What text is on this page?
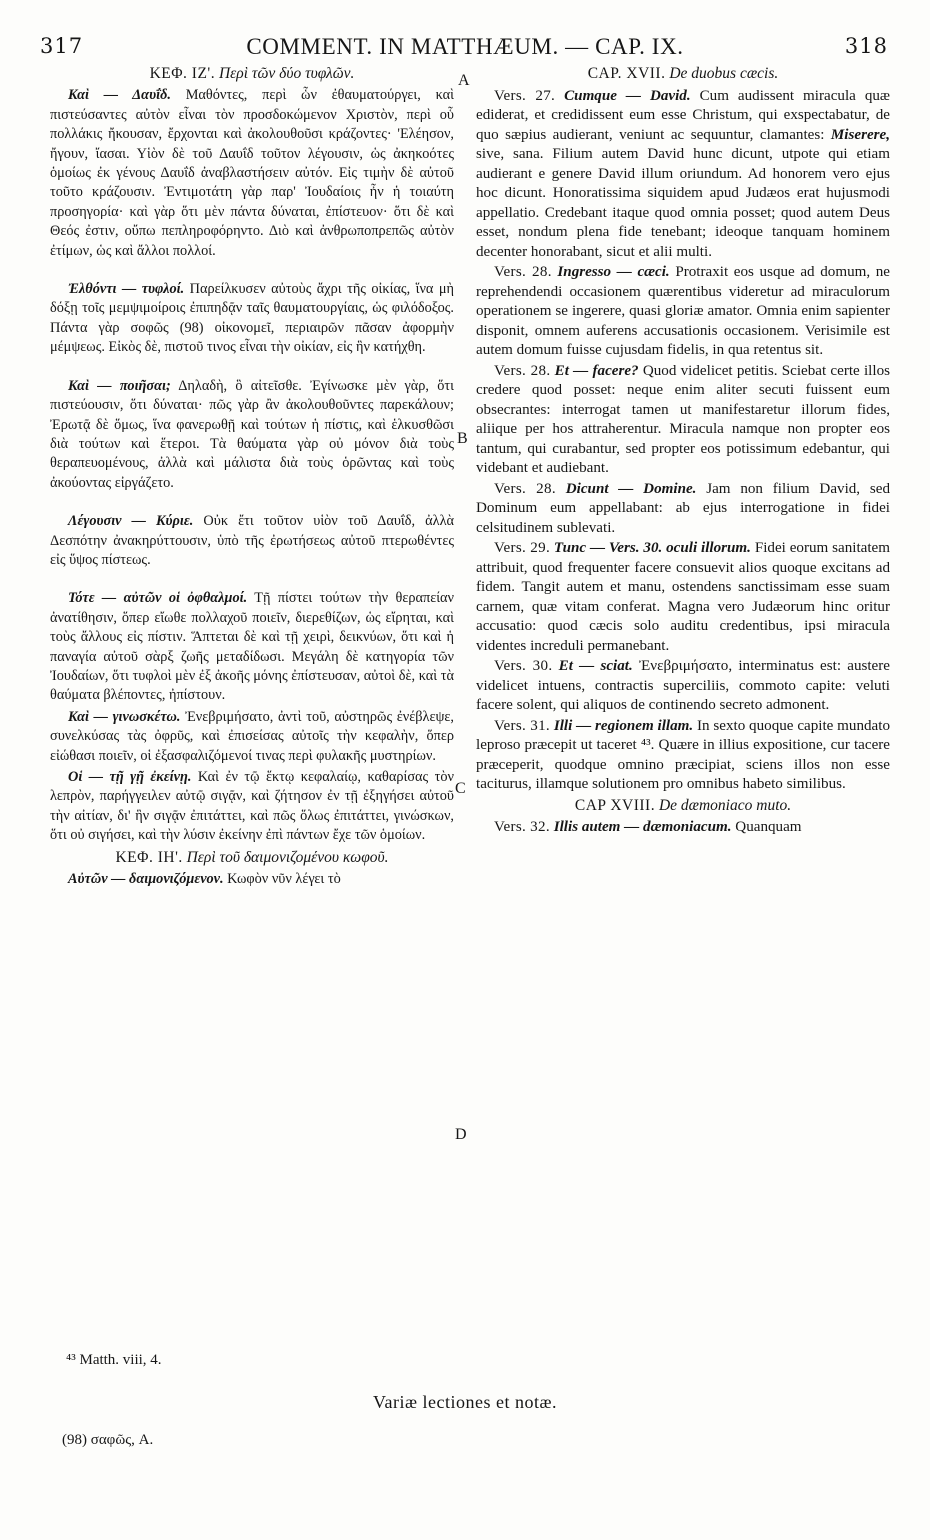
317	COMMENT. IN MATTHÆUM. — CAP. IX.	318
A
B
C
D
ΚΕΦ. ΙΖ'. Περὶ τῶν δύο τυφλῶν.

Καὶ — Δαυΐδ. Μαθόντες, περὶ ὧν ἐθαυματούργει, καὶ πιστεύσαντες αὐτὸν εἶναι τὸν προσδοκώμενον Χριστὸν, περὶ οὗ πολλάκις ἤκουσαν, ἔρχονται καὶ ἀκολουθοῦσι κράζοντες· 'Ελέησον, ἤγουν, ἴασαι. Υἱὸν δὲ τοῦ Δαυΐδ τοῦτον λέγουσιν, ὡς ἀκηκοότες ὁμοίως ἐκ γένους Δαυΐδ ἀναβλαστήσειν αὐτόν. Εἰς τιμὴν δὲ αὐτοῦ τοῦτο κράζουσιν. Ἐντιμοτάτη γὰρ παρ' Ἰουδαίοις ἦν ἡ τοιαύτη προσηγορία· καὶ γὰρ ὅτι μὲν πάντα δύναται, ἐπίστευον· ὅτι δὲ καὶ Θεός ἐστιν, οὔπω πεπληροφόρηντο. Διὸ καὶ ἀνθρωποπρεπῶς αὐτὸν ἐτίμων, ὡς καὶ ἄλλοι πολλοί.

Ἐλθόντι — τυφλοί. Παρείλκυσεν αὐτοὺς ἄχρι τῆς οἰκίας, ἵνα μὴ δόξῃ τοῖς μεμψιμοίροις ἐπιπηδᾷν ταῖς θαυματουργίαις, ὡς φιλόδοξος. Πάντα γὰρ σοφῶς (98) οἰκονομεῖ, περιαιρῶν πᾶσαν ἀφορμὴν μέμψεως. Εἰκὸς δὲ, πιστοῦ τινος εἶναι τὴν οἰκίαν, εἰς ἣν κατήχθη.

Καὶ — ποιῆσαι; Δηλαδὴ, ὃ αἰτεῖσθε. Ἐγίνωσκε μὲν γὰρ, ὅτι πιστεύουσιν, ὅτι δύναται· πῶς γὰρ ἂν ἀκολουθοῦντες παρεκάλουν; Ἐρωτᾷ δὲ ὅμως, ἵνα φανερωθῇ καὶ τούτων ἡ πίστις, καὶ ἑλκυσθῶσι διὰ τούτων καὶ ἕτεροι. Τὰ θαύματα γὰρ οὐ μόνον διὰ τοὺς θεραπευομένους, ἀλλὰ καὶ μάλιστα διὰ τοὺς ὁρῶντας καὶ τοὺς ἀκούοντας εἰργάζετο.

Λέγουσιν — Κύριε. Οὐκ ἔτι τοῦτον υἱὸν τοῦ Δαυΐδ, ἀλλὰ Δεσπότην ἀνακηρύττουσιν, ὑπὸ τῆς ἐρωτήσεως αὐτοῦ πτερωθέντες εἰς ὕψος πίστεως.

Τότε — αὐτῶν οἱ ὀφθαλμοί. Τῇ πίστει τούτων τὴν θεραπείαν ἀνατίθησιν, ὅπερ εἴωθε πολλαχοῦ ποιεῖν, διερεθίζων, ὡς εἴρηται, καὶ τοὺς ἄλλους εἰς πίστιν. Ἅπτεται δὲ καὶ τῇ χειρὶ, δεικνύων, ὅτι καὶ ἡ παναγία αὐτοῦ σὰρξ ζωῆς μεταδίδωσι. Μεγάλη δὲ κατηγορία τῶν Ἰουδαίων, ὅτι τυφλοὶ μὲν ἐξ ἀκοῆς μόνης ἐπίστευσαν, αὐτοὶ δὲ, καὶ τὰ θαύματα βλέποντες, ἠπίστουν.

Καὶ — γινωσκέτω. Ἐνεβριμήσατο, ἀντὶ τοῦ, αὐστηρῶς ἐνέβλεψε, συνελκύσας τὰς ὀφρῦς, καὶ ἐπισείσας αὐτοῖς τὴν κεφαλὴν, ὅπερ εἰώθασι ποιεῖν, οἱ ἐξασφαλιζόμενοί τινας περὶ φυλακῆς μυστηρίων.

Οἱ — τῇ γῇ ἐκείνῃ. Καὶ ἐν τῷ ἕκτῳ κεφαλαίῳ, καθαρίσας τὸν λεπρὸν, παρήγγειλεν αὐτῷ σιγᾷν, καὶ ζήτησον ἐν τῇ ἐξηγήσει αὐτοῦ τὴν αἰτίαν, δι' ἣν σιγᾷν ἐπιτάττει, καὶ πῶς ὅλως ἐπιτάττει, γινώσκων, ὅτι οὐ σιγήσει, καὶ τὴν λύσιν ἐκείνην ἐπὶ πάντων ἔχε τῶν ὁμοίων.

ΚΕΦ. ΙΗ'. Περὶ τοῦ δαιμονιζομένου κωφοῦ.

Αὐτῶν — δαιμονιζόμενον. Κωφὸν νῦν λέγει τὸ

CAP. XVII. De duobus cæcis.

Vers. 27. Cumque — David. Cum audissent miracula quæ ediderat, et credidissent eum esse Christum, qui exspectabatur, de quo sæpius audierant, veniunt ac sequuntur, clamantes: Miserere, sive, sana. Filium autem David hunc dicunt, utpote qui etiam audierant e genere David illum oriundum. Ad honorem vero ejus hoc dicunt. Honoratissima siquidem apud Judæos erat hujusmodi appellatio. Credebant itaque quod omnia posset; quod autem Deus esset, nondum plena fide tenebant; ideoque tanquam hominem decenter honorabant, sicut et alii multi.

Vers. 28. Ingresso — cæci. Protraxit eos usque ad domum, ne reprehendendi occasionem quærentibus videretur ad miraculorum operationem se ingerere, quasi gloriæ amator. Omnia enim sapienter disponit, omnem auferens accusationis occasionem. Verisimile est autem domum fuisse cujusdam fidelis, in qua retentus sit.

Vers. 28. Et — facere? Quod videlicet petitis. Sciebat certe illos credere quod posset: neque enim aliter secuti fuissent eum obsecrantes: interrogat tamen ut manifestaretur illorum fides, aliique per hos attraherentur. Miracula namque non propter eos tantum, qui curabantur, sed propter eos potissimum edebantur, qui videbant et audiebant.

Vers. 28. Dicunt — Domine. Jam non filium David, sed Dominum eum appellabant: ab ejus interrogatione in fidei celsitudinem sublevati.

Vers. 29. Tunc — Vers. 30. oculi illorum. Fidei eorum sanitatem attribuit, quod frequenter facere consuevit alios quoque excitans ad fidem. Tangit autem et manu, ostendens sanctissimam esse suam carnem, quæ vitam conferat. Magna vero Judæorum hinc oritur accusatio: quod cæcis solo auditu credentibus, ipsi miracula videntes increduli permanebant.

Vers. 30. Et — sciat. Ἐνεβριμήσατο, interminatus est: austere videlicet intuens, contractis superciliis, commoto capite: veluti facere solent, qui aliquos de continendo secreto admonent.

Vers. 31. Illi — regionem illam. In sexto quoque capite mundato leproso præcepit ut taceret ⁴³. Quære in illius expositione, cur tacere præceperit, quodque omnino præcipiat, sciens illos non esse taciturus, illamque solutionem pro omnibus habeto similibus.

CAP XVIII. De dæmoniaco muto.

Vers. 32. Illis autem — dæmoniacum. Quanquam

⁴³ Matth. viii, 4.
Variæ lectiones et notæ.
(98) σαφῶς, A.
